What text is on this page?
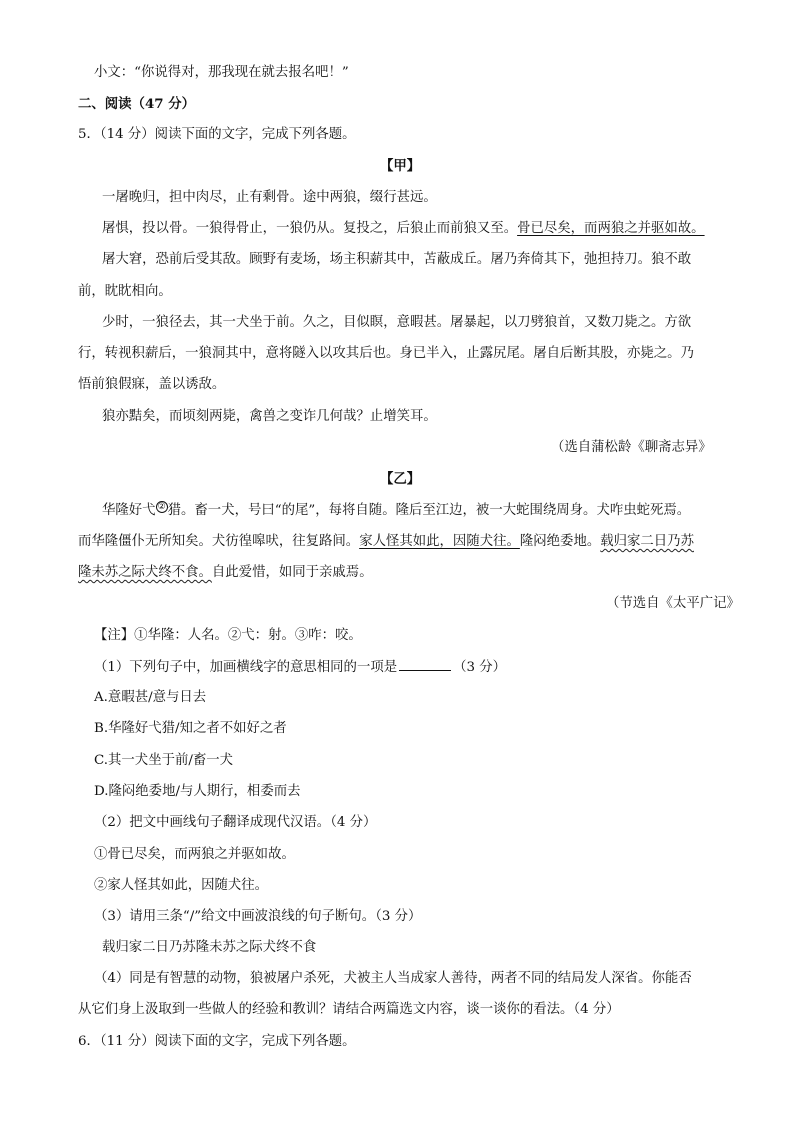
小文：“你说得对，那我现在就去报名吧！”
二、阅读（47 分）
5．（14 分）阅读下面的文字，完成下列各题。
【甲】
一屠晚归，担中肉尽，止有剩骨。途中两狼，缀行甚远。
屠惧，投以骨。一狼得骨止，一狼仍从。复投之，后狼止而前狼又至。骨已尽矣，而两狼之并驱如故。
屠大窘，恐前后受其敌。顾野有麦场，场主积薪其中，苫蔽成丘。屠乃奔倚其下，弛担持刀。狼不敢
前，眈眈相向。
少时，一狼径去，其一犬坐于前。久之，目似瞑，意暇甚。屠暴起，以刀劈狼首，又数刀毙之。方欲
行，转视积薪后，一狼洞其中，意将隧入以攻其后也。身已半入，止露尻尾。屠自后断其股，亦毙之。乃
悟前狼假寐，盖以诱敌。
狼亦黠矣，而顷刻两毙，禽兽之变诈几何哉？止增笑耳。
（选自蒲松龄《聊斋志异》
【乙】
华隆好弋 ② 猎。畜一犬，号曰“的尾”，每将自随。隆后至江边，被一大蛇围绕周身。犬咋虫蛇死焉。
而华隆僵仆无所知矣。犬彷徨嗥吠，往复路间。家人怪其如此，因随犬往。隆闷绝委地。载归家二日乃苏
隆未苏之际犬终不食。自此爱惜，如同于亲戚焉。
（节选自《太平广记》
【注】①华隆：人名。②弋：射。③咋：咬。
（1）下列句子中，加画横线字的意思相同的一项是	（3 分）
A.意暇甚/意与日去
B.华隆好弋猎/知之者不如好之者
C.其一犬坐于前/畜一犬
D.隆闷绝委地/与人期行，相委而去
（2）把文中画线句子翻译成现代汉语。（4 分）
①骨已尽矣，而两狼之并驱如故。
②家人怪其如此，因随犬往。
（3）请用三条“/”给文中画波浪线的句子断句。（3 分）
载归家二日乃苏隆未苏之际犬终不食
（4）同是有智慧的动物，狼被屠户杀死，犬被主人当成家人善待，两者不同的结局发人深省。你能否
从它们身上汲取到一些做人的经验和教训？请结合两篇选文内容，谈一谈你的看法。（4 分）
6．（11 分）阅读下面的文字，完成下列各题。
